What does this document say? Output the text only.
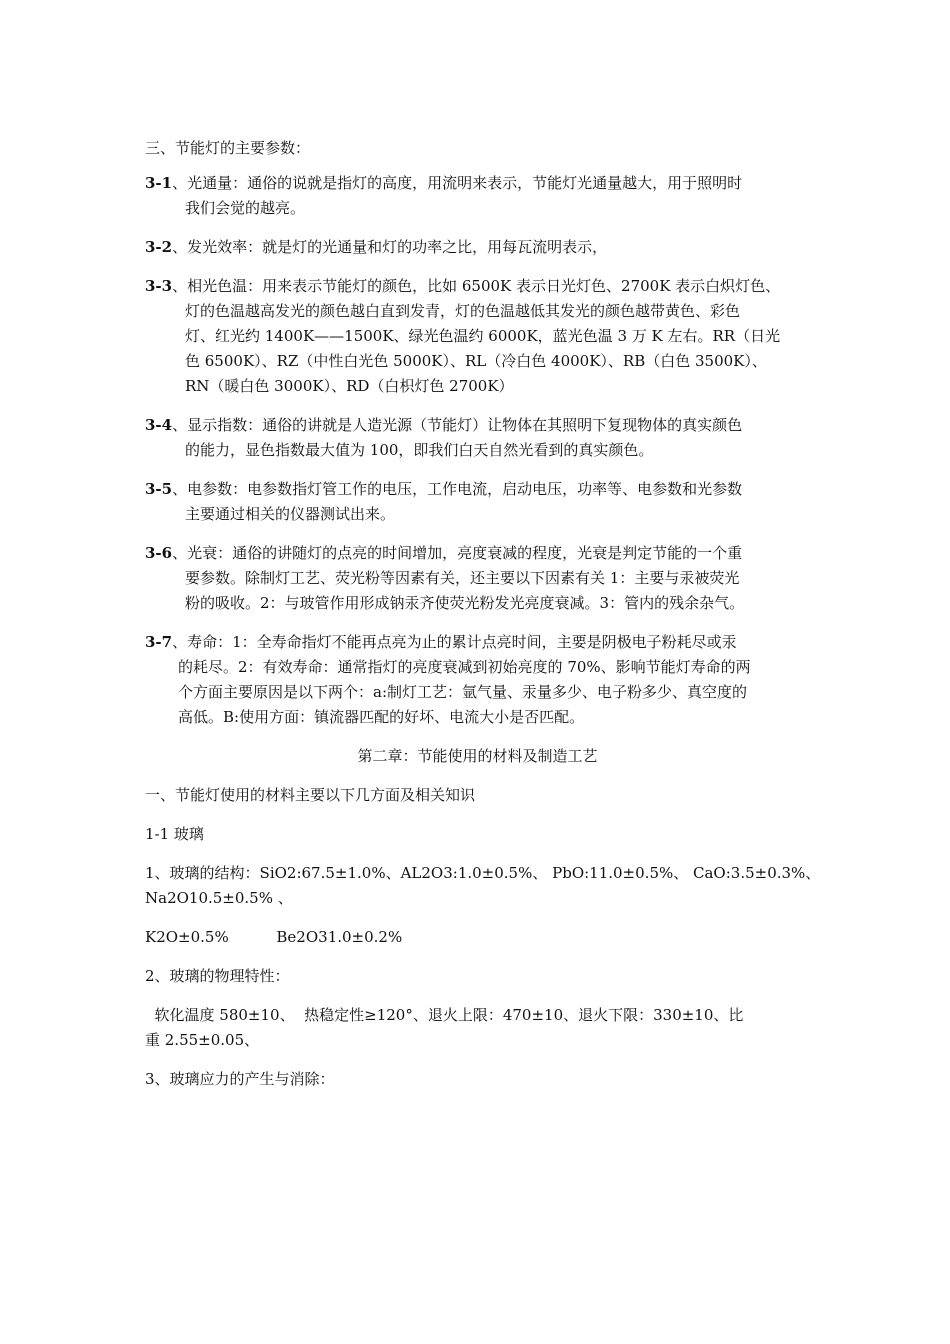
三、节能灯的主要参数：
3-1、光通量：通俗的说就是指灯的高度，用流明来表示，节能灯光通量越大，用于照明时
我们会觉的越亮。
3-2、发光效率：就是灯的光通量和灯的功率之比，用每瓦流明表示，
3-3、相光色温：用来表示节能灯的颜色，比如 6500K 表示日光灯色、2700K 表示白炽灯色、
灯的色温越高发光的颜色越白直到发青，灯的色温越低其发光的颜色越带黄色、彩色
灯、红光约 1400K——1500K、绿光色温约 6000K，蓝光色温 3 万 K 左右。RR（日光
色 6500K）、RZ（中性白光色 5000K）、RL（冷白色 4000K）、RB（白色 3500K）、
RN（暖白色 3000K）、RD（白枳灯色 2700K）
3-4、显示指数：通俗的讲就是人造光源（节能灯）让物体在其照明下复现物体的真实颜色
的能力，显色指数最大值为 100，即我们白天自然光看到的真实颜色。
3-5、电参数：电参数指灯管工作的电压，工作电流，启动电压，功率等、电参数和光参数
主要通过相关的仪器测试出来。
3-6、光衰：通俗的讲随灯的点亮的时间增加，亮度衰减的程度，光衰是判定节能的一个重
要参数。除制灯工艺、荧光粉等因素有关，还主要以下因素有关 1：主要与汞被荧光
粉的吸收。2：与玻管作用形成钠汞齐使荧光粉发光亮度衰减。3：管内的残余杂气。
3-7、寿命：1：全寿命指灯不能再点亮为止的累计点亮时间，主要是阴极电子粉耗尽或汞
的耗尽。2：有效寿命：通常指灯的亮度衰减到初始亮度的 70%、影响节能灯寿命的两
个方面主要原因是以下两个：a:制灯工艺：氩气量、汞量多少、电子粉多少、真空度的
高低。B:使用方面：镇流器匹配的好坏、电流大小是否匹配。
第二章：节能使用的材料及制造工艺
一、节能灯使用的材料主要以下几方面及相关知识
1-1 玻璃
1、玻璃的结构：SiO2:67.5±1.0%、AL2O3:1.0±0.5%、 PbO:11.0±0.5%、 CaO:3.5±0.3%、
Na2O10.5±0.5% 、
K2O±0.5%          Be2O31.0±0.2%
2、玻璃的物理特性：
软化温度 580±10、  热稳定性≥120°、退火上限：470±10、退火下限：330±10、比
重 2.55±0.05、
3、玻璃应力的产生与消除：
